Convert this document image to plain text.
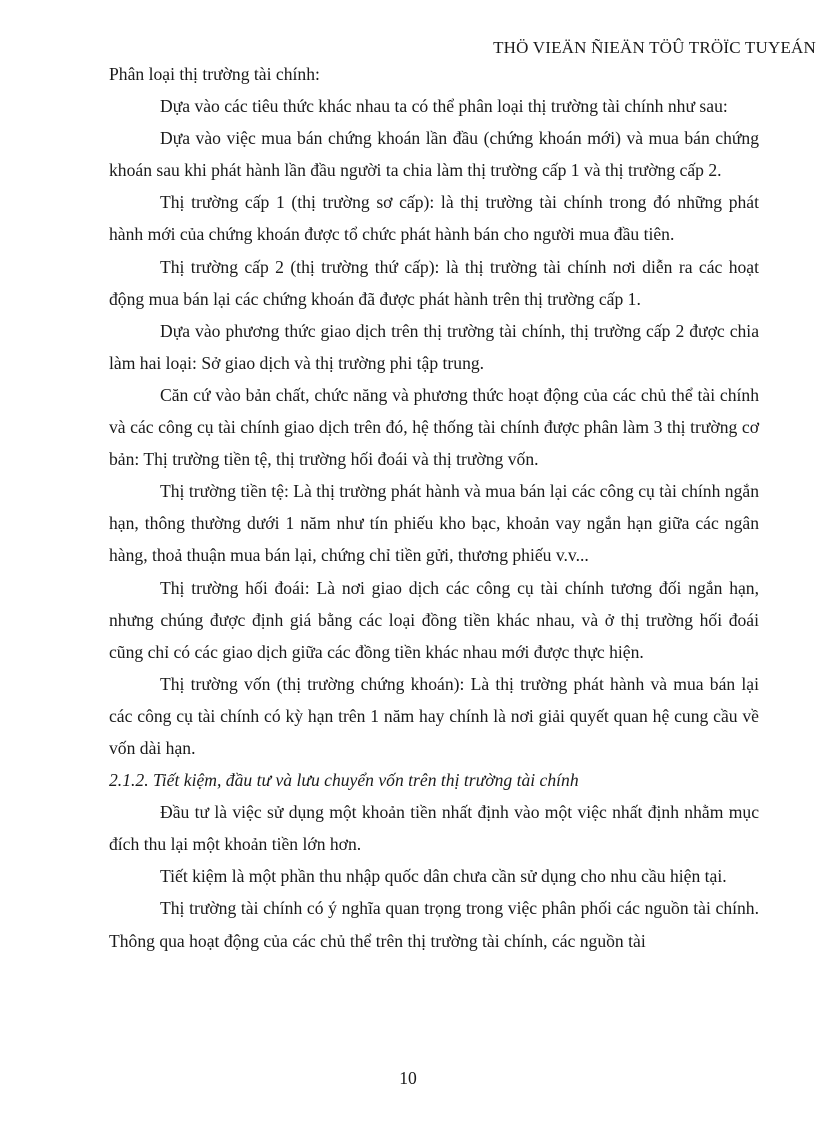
THÖ VIEÄN ÑIEÄN TÖÛ TRÖÏC TUYEÁN

Phân loại thị trường tài chính:

Dựa vào các tiêu thức khác nhau ta có thể phân loại thị trường tài chính như sau:

Dựa vào việc mua bán chứng khoán lần đầu (chứng khoán mới) và mua bán chứng khoán sau khi phát hành lần đầu người ta chia làm thị trường cấp 1 và thị trường cấp 2.

Thị trường cấp 1 (thị trường sơ cấp): là thị trường tài chính trong đó những phát hành mới của chứng khoán được tổ chức phát hành bán cho người mua đầu tiên.

Thị trường cấp 2 (thị trường thứ cấp): là thị trường tài chính nơi diễn ra các hoạt động mua bán lại các chứng khoán đã được phát hành trên thị trường cấp 1.

Dựa vào phương thức giao dịch trên thị trường tài chính, thị trường cấp 2 được chia làm hai loại: Sở giao dịch và thị trường phi tập trung.

Căn cứ vào bản chất, chức năng và phương thức hoạt động của các chủ thể tài chính và các công cụ tài chính giao dịch trên đó, hệ thống tài chính được phân làm 3 thị trường cơ bản: Thị trường tiền tệ, thị trường hối đoái và thị trường vốn.

Thị trường tiền tệ: Là thị trường phát hành và mua bán lại các công cụ tài chính ngắn hạn, thông thường dưới 1 năm như tín phiếu kho bạc, khoản vay ngắn hạn giữa các ngân hàng, thoả thuận mua bán lại, chứng chỉ tiền gửi, thương phiếu v.v...

Thị trường hối đoái: Là nơi giao dịch các công cụ tài chính tương đối ngắn hạn, nhưng chúng được định giá bằng các loại đồng tiền khác nhau, và ở thị trường hối đoái cũng chỉ có các giao dịch giữa các đồng tiền khác nhau mới được thực hiện.

Thị trường vốn (thị trường chứng khoán): Là thị trường phát hành và mua bán lại các công cụ tài chính có kỳ hạn trên 1 năm hay chính là nơi giải quyết quan hệ cung cầu về vốn dài hạn.

2.1.2. Tiết kiệm, đầu tư và lưu chuyển vốn trên thị trường tài chính

Đầu tư là việc sử dụng một khoản tiền nhất định vào một việc nhất định nhằm mục đích thu lại một khoản tiền lớn hơn.

Tiết kiệm là một phần thu nhập quốc dân chưa cần sử dụng cho nhu cầu hiện tại.

Thị trường tài chính có ý nghĩa quan trọng trong việc phân phối các nguồn tài chính. Thông qua hoạt động của các chủ thể trên thị trường tài chính, các nguồn tài

10
